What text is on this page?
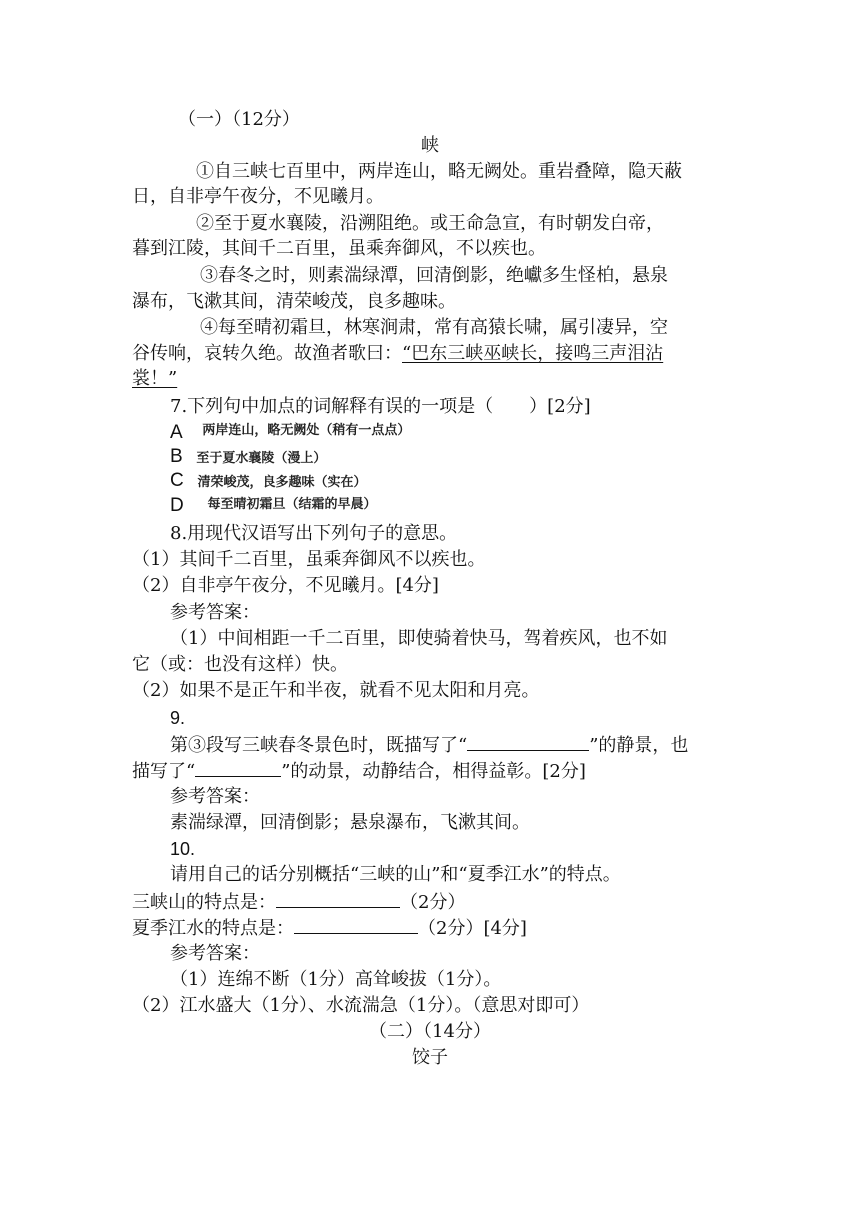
（一）（12分）
峡
①自三峡七百里中，两岸连山，略无阙处。重岩叠障，隐天蔽
日，自非亭午夜分，不见曦月。
②至于夏水襄陵，沿溯阻绝。或王命急宣，有时朝发白帝，
暮到江陵，其间千二百里，虽乘奔御风，不以疾也。
③春冬之时，则素湍绿潭，回清倒影，绝巘多生怪柏，悬泉
瀑布，飞漱其间，清荣峻茂，良多趣味。
④每至晴初霜旦，林寒涧肃，常有高猿长啸，属引凄异，空
谷传响，哀转久绝。故渔者歌曰：“巴东三峡巫峡长，接鸣三声泪沾
裳！”
7.下列句中加点的词解释有误的一项是（　　）[2分]
A $^{两岸连山,略无阙处(稍有一点点)}$
B 至于夏水襄陵（漫上）
C 清荣峻茂，良多趣味（实在）
D 每至晴初霜旦（结霜的早晨）
8.用现代汉语写出下列句子的意思。
（1）其间千二百里，虽乘奔御风不以疾也。
（2）自非亭午夜分，不见曦月。[4分]
参考答案：
（1）中间相距一千二百里，即使骑着快马，驾着疾风，也不如
它（或：也没有这样）快。
（2）如果不是正午和半夜，就看不见太阳和月亮。
9.
第③段写三峡春冬景色时，既描写了“	”的静景，也
描写了“	”的动景，动静结合，相得益彰。[2分]
参考答案：
素湍绿潭，回清倒影；悬泉瀑布，飞漱其间。
10.
请用自己的话分别概括“三峡的山”和“夏季江水”的特点。
三峡山的特点是：	（2分）
夏季江水的特点是：	（2分）[4分]
参考答案：
（1）连绵不断（1分）高耸峻拔（1分）。
（2）江水盛大（1分）、水流湍急（1分）。（意思对即可）
（二）（14分）
饺子
